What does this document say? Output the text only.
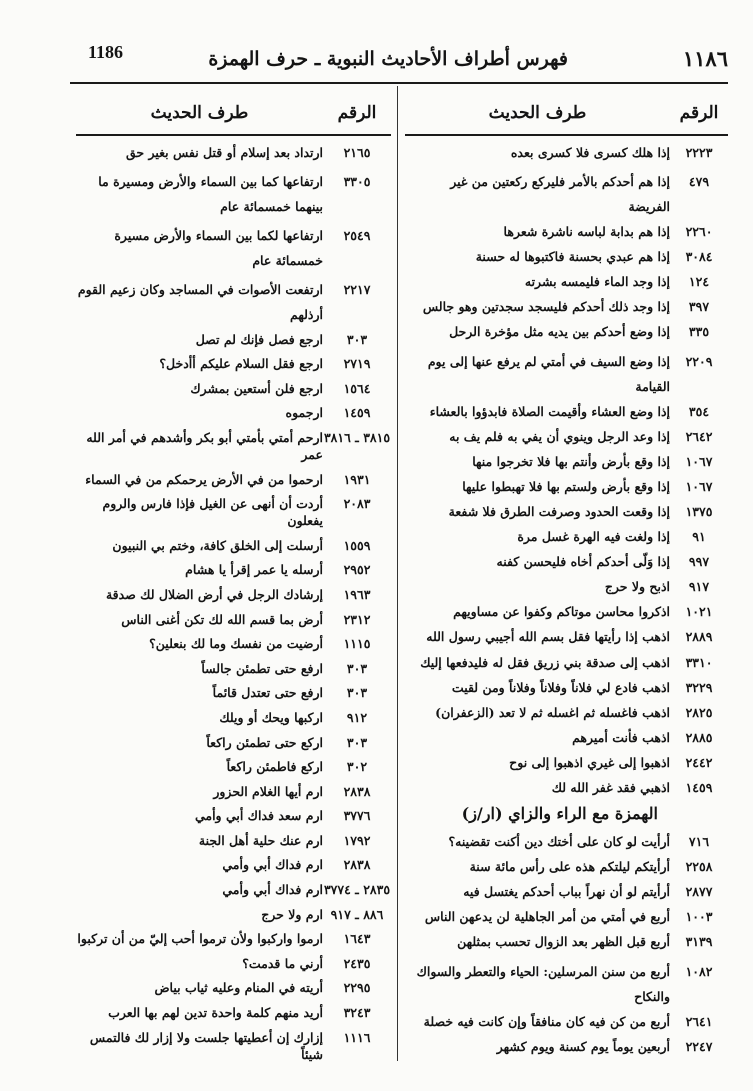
1186	فهرس أطراف الأحاديث النبوية ـ حرف الهمزة	١١٨٦
الرقم
طرف الحديث
٢٢٢٣
إذا هلك كسرى فلا كسرى بعده
٤٧٩
إذا هم أحدكم بالأمر فليركع ركعتين من غير الفريضة
٢٢٦٠
إذا هم بدابة لباسه ناشرة شعرها
٣٠٨٤
إذا هم عبدي بحسنة فاكتبوها له حسنة
١٢٤
إذا وجد الماء فليمسه بشرته
٣٩٧
إذا وجد ذلك أحدكم فليسجد سجدتين وهو جالس
٣٣٥
إذا وضع أحدكم بين يديه مثل مؤخرة الرحل
٢٢٠٩
إذا وضع السيف في أمتي لم يرفع عنها إلى يوم القيامة
٣٥٤
إذا وضع العشاء وأقيمت الصلاة فابدؤوا بالعشاء
٢٦٤٢
إذا وعد الرجل وينوي أن يفي به فلم يف به
١٠٦٧
إذا وقع بأرض وأنتم بها فلا تخرجوا منها
١٠٦٧
إذا وقع بأرض ولستم بها فلا تهبطوا عليها
١٣٧٥
إذا وقعت الحدود وصرفت الطرق فلا شفعة
٩١
إذا ولغت فيه الهرة غسل مرة
٩٩٧
إذا وَلّى أحدكم أخاه فليحسن كفنه
٩١٧
اذبح ولا حرج
١٠٢١
اذكروا محاسن موتاكم وكفوا عن مساويهم
٢٨٨٩
اذهب إذا رأيتها فقل بسم الله أجيبي رسول الله
٣٣١٠
اذهب إلى صدقة بني زريق فقل له فليدفعها إليك
٣٢٢٩
اذهب فادع لي فلاناً وفلاناً وفلاناً ومن لقيت
٢٨٢٥
اذهب فاغسله ثم اغسله ثم لا تعد (الزعفران)
٢٨٨٥
اذهب فأنت أميرهم
٢٤٤٢
اذهبوا إلى غيري اذهبوا إلى نوح
١٤٥٩
اذهبي فقد غفر الله لك
الهمزة مع الراء والزاي (ار/ز)
٧١٦
أرأيت لو كان على أختك دين أكنت تقضينه؟
٢٢٥٨
أرأيتكم ليلتكم هذه على رأس مائة سنة
٢٨٧٧
أرأيتم لو أن نهراً بباب أحدكم يغتسل فيه
١٠٠٣
أربع في أمتي من أمر الجاهلية لن يدعهن الناس
٣١٣٩
أربع قبل الظهر بعد الزوال تحسب بمثلهن
١٠٨٢
أربع من سنن المرسلين: الحياء والتعطر والسواك والنكاح
٢٦٤١
أربع من كن فيه كان منافقاً وإن كانت فيه خصلة
٢٢٤٧
أربعين يوماً يوم كسنة ويوم كشهر
الرقم
طرف الحديث
٢١٦٥
ارتداد بعد إسلام أو قتل نفس بغير حق
٣٣٠٥
ارتفاعها كما بين السماء والأرض ومسيرة ما بينهما خمسمائة عام
٢٥٤٩
ارتفاعها لكما بين السماء والأرض مسيرة خمسمائة عام
٢٢١٧
ارتفعت الأصوات في المساجد وكان زعيم القوم أرذلهم
٣٠٣
ارجع فصل فإنك لم تصل
٢٧١٩
ارجع فقل السلام عليكم أأدخل؟
١٥٦٤
ارجع فلن أستعين بمشرك
١٤٥٩
ارجموه
٣٨١٥ ـ ٣٨١٦
ارحم أمتي بأمتي أبو بكر وأشدهم في أمر الله عمر
١٩٣١
ارحموا من في الأرض يرحمكم من في السماء
٢٠٨٣
أردت أن أنهى عن الغيل فإذا فارس والروم يفعلون
١٥٥٩
أرسلت إلى الخلق كافة، وختم بي النبيون
٢٩٥٢
أرسله يا عمر إقرأ يا هشام
١٩٦٣
إرشادك الرجل في أرض الضلال لك صدقة
٢٣١٢
أرض بما قسم الله لك تكن أغنى الناس
١١١٥
أرضيت من نفسك وما لك بنعلين؟
٣٠٣
ارفع حتى تطمئن جالساً
٣٠٣
ارفع حتى تعتدل قائماً
٩١٢
اركبها ويحك أو ويلك
٣٠٣
اركع حتى تطمئن راكعاً
٣٠٢
اركع فاطمئن راكعاً
٢٨٣٨
ارم أيها الغلام الحزور
٣٧٧٦
ارم سعد فداك أبي وأمي
١٧٩٢
ارم عنك حلية أهل الجنة
٢٨٣٨
ارم فداك أبي وأمي
٢٨٣٥ ـ ٣٧٧٤
ارم فداك أبي وأمي
٨٨٦ ـ ٩١٧
ارم ولا حرج
١٦٤٣
ارموا واركبوا ولأن ترموا أحب إليّ من أن تركبوا
٢٤٣٥
أرني ما قدمت؟
٢٢٩٥
أريته في المنام وعليه ثياب بياض
٣٢٤٣
أريد منهم كلمة واحدة تدين لهم بها العرب
١١١٦
إزارك إن أعطيتها جلست ولا إزار لك فالتمس شيئاً
